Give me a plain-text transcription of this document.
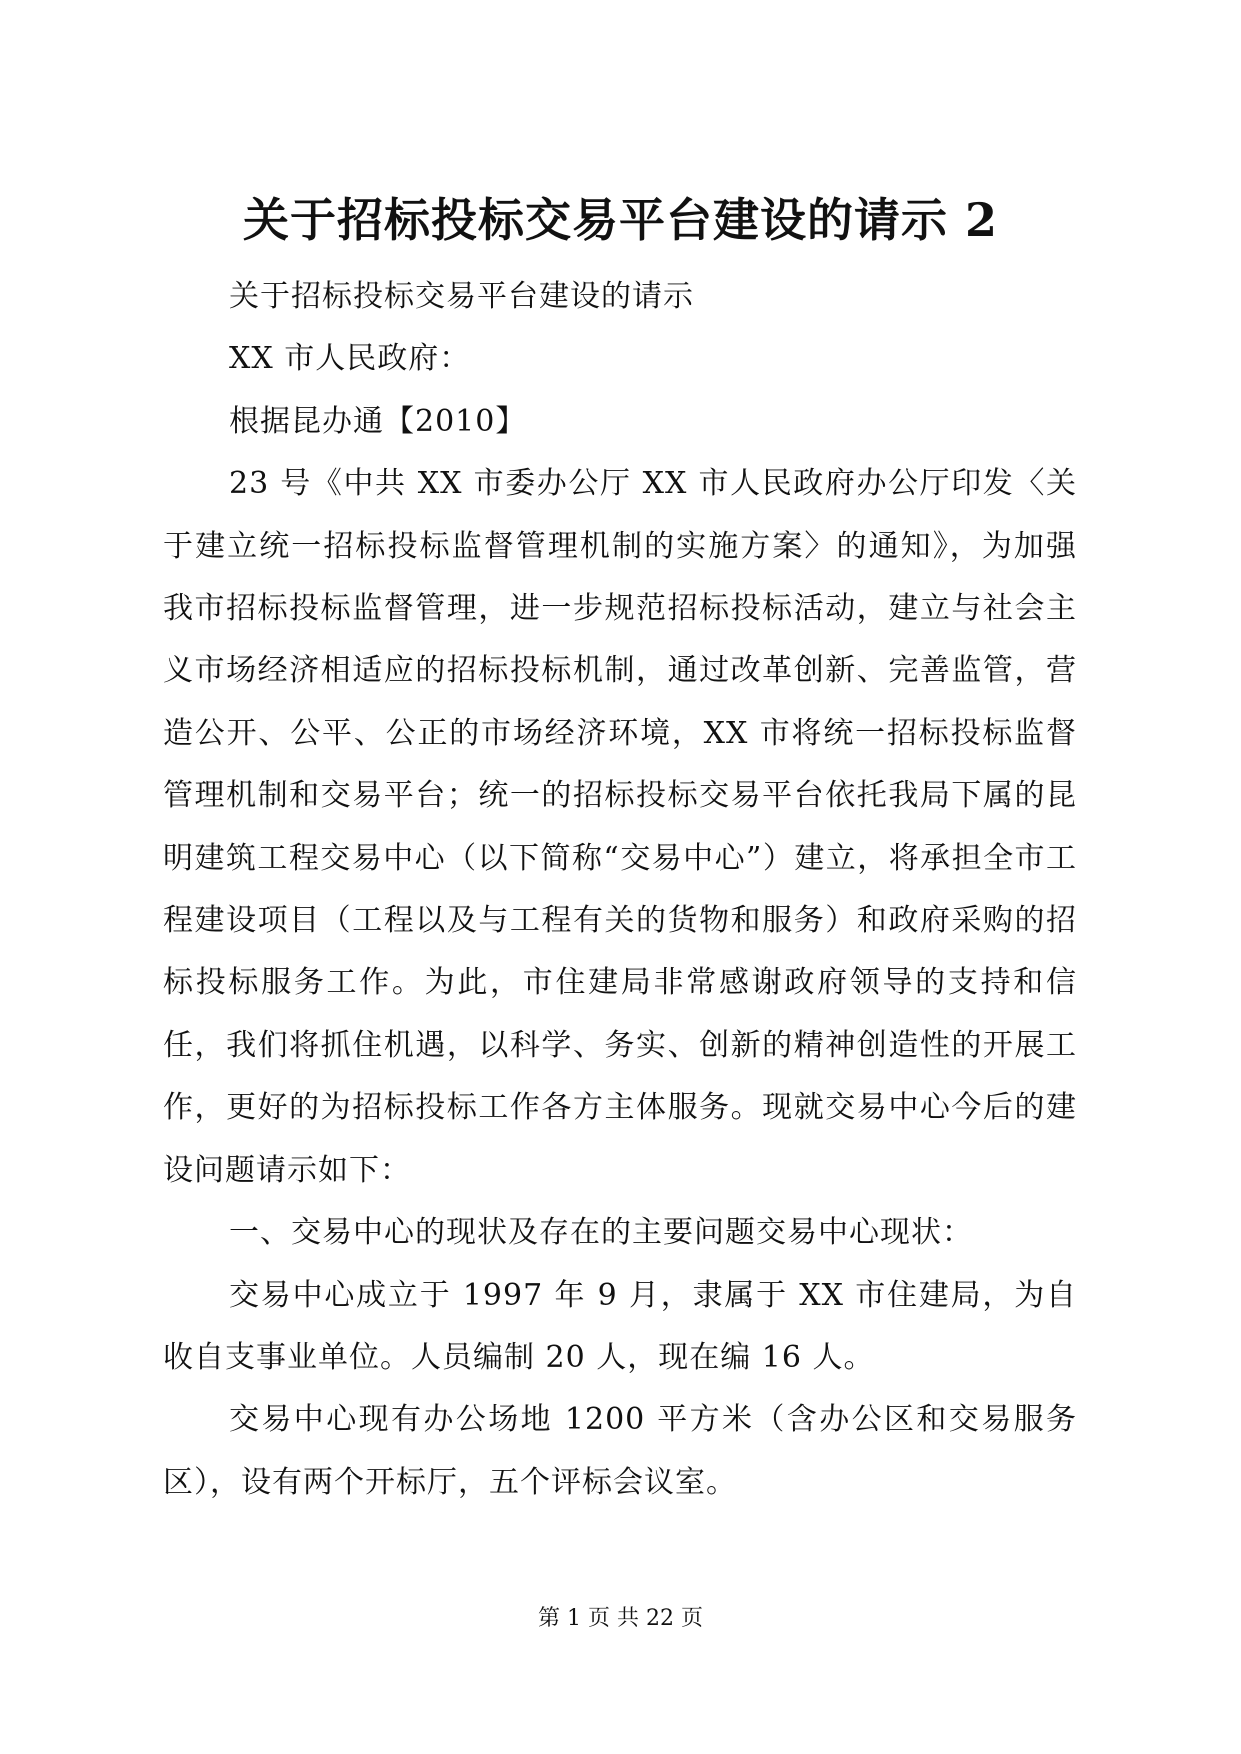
关于招标投标交易平台建设的请示 2

关于招标投标交易平台建设的请示

XX 市人民政府：

根据昆办通【2010】

23 号《中共 XX 市委办公厅 XX 市人民政府办公厅印发〈关于建立统一招标投标监督管理机制的实施方案〉的通知》，为加强我市招标投标监督管理，进一步规范招标投标活动，建立与社会主义市场经济相适应的招标投标机制，通过改革创新、完善监管，营造公开、公平、公正的市场经济环境，XX 市将统一招标投标监督管理机制和交易平台；统一的招标投标交易平台依托我局下属的昆明建筑工程交易中心（以下简称“交易中心”）建立，将承担全市工程建设项目（工程以及与工程有关的货物和服务）和政府采购的招标投标服务工作。为此，市住建局非常感谢政府领导的支持和信任，我们将抓住机遇，以科学、务实、创新的精神创造性的开展工作，更好的为招标投标工作各方主体服务。现就交易中心今后的建设问题请示如下：

一、交易中心的现状及存在的主要问题交易中心现状：

交易中心成立于 1997 年 9 月，隶属于 XX 市住建局，为自收自支事业单位。人员编制 20 人，现在编 16 人。

交易中心现有办公场地 1200 平方米（含办公区和交易服务区），设有两个开标厅，五个评标会议室。

第 1 页 共 22 页
